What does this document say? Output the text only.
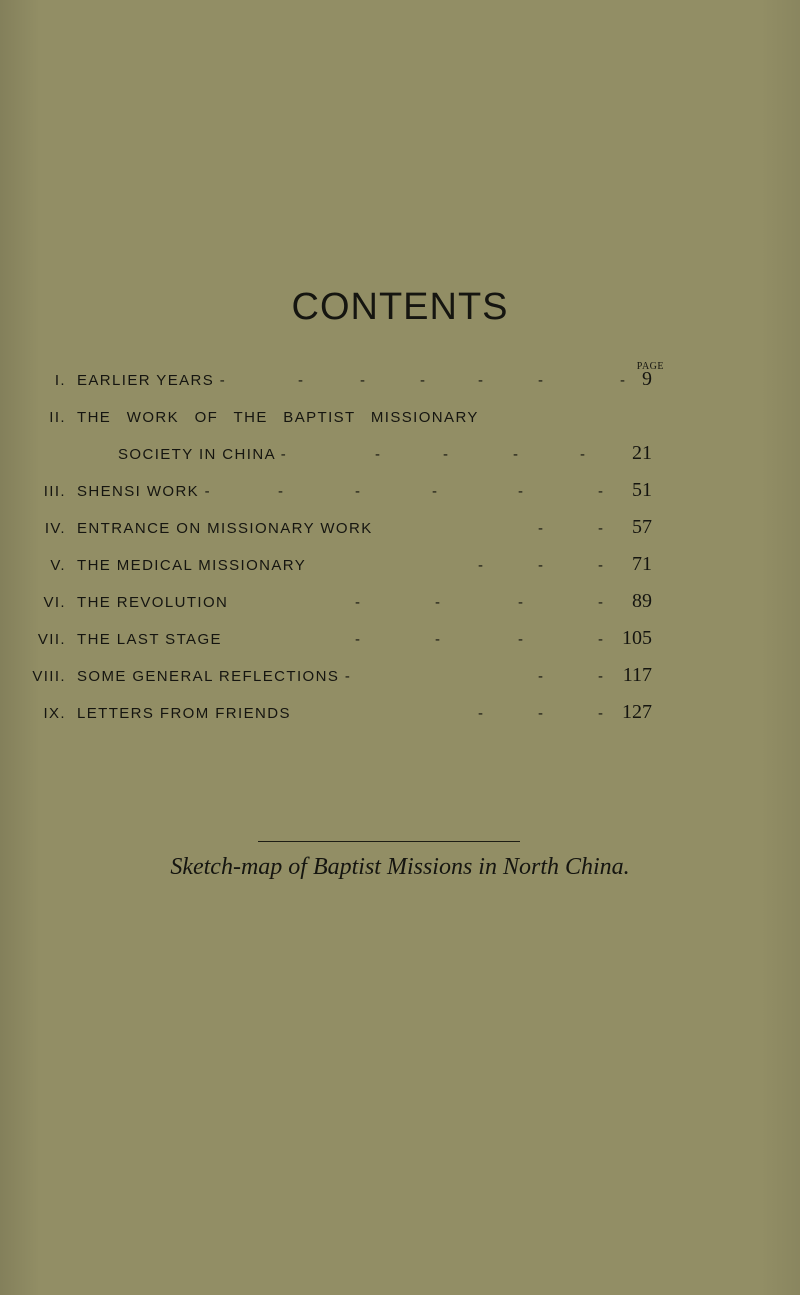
CONTENTS
PAGE
I. EARLIER YEARS -	-	-	-	-	-	- 9
II. THE WORK OF THE BAPTIST MISSIONARY
SOCIETY IN CHINA -	-	-	-	- 21
III. SHENSI WORK -	-	-	-	-	- 51
IV. ENTRANCE ON MISSIONARY WORK	-	- 57
V. THE MEDICAL MISSIONARY	-	-	- 71
VI. THE REVOLUTION	-	-	-	- 89
VII. THE LAST STAGE	-	-	-	- 105
VIII. SOME GENERAL REFLECTIONS -	-	- 117
IX. LETTERS FROM FRIENDS	-	-	- 127
Sketch-map of Baptist Missions in North China.
